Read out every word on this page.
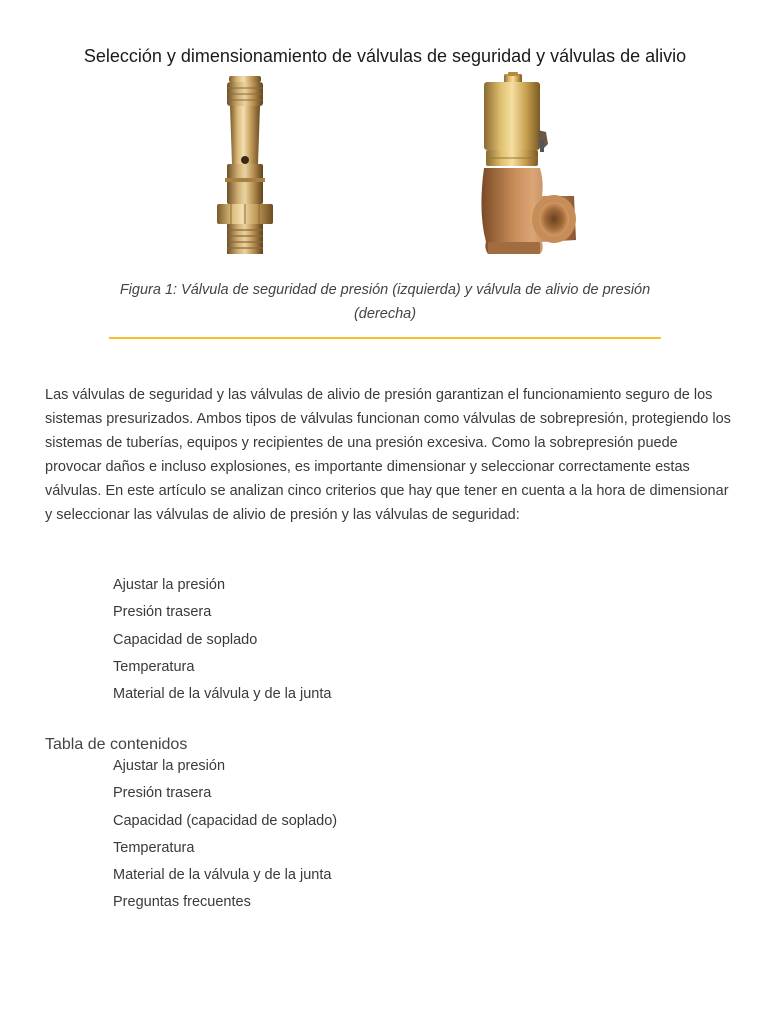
Selección y dimensionamiento de válvulas de seguridad y válvulas de alivio
Figura 1: Válvula de seguridad de presión (izquierda) y válvula de alivio de presión (derecha)

Las válvulas de seguridad y las válvulas de alivio de presión garantizan el funcionamiento seguro de los sistemas presurizados. Ambos tipos de válvulas funcionan como válvulas de sobrepresión, protegiendo los sistemas de tuberías, equipos y recipientes de una presión excesiva. Como la sobrepresión puede provocar daños e incluso explosiones, es importante dimensionar y seleccionar correctamente estas válvulas. En este artículo se analizan cinco criterios que hay que tener en cuenta a la hora de dimensionar y seleccionar las válvulas de alivio de presión y las válvulas de seguridad:

Ajustar la presión
Presión trasera
Capacidad de soplado
Temperatura
Material de la válvula y de la junta
Tabla de contenidos
Ajustar la presión
Presión trasera
Capacidad (capacidad de soplado)
Temperatura
Material de la válvula y de la junta
Preguntas frecuentes
